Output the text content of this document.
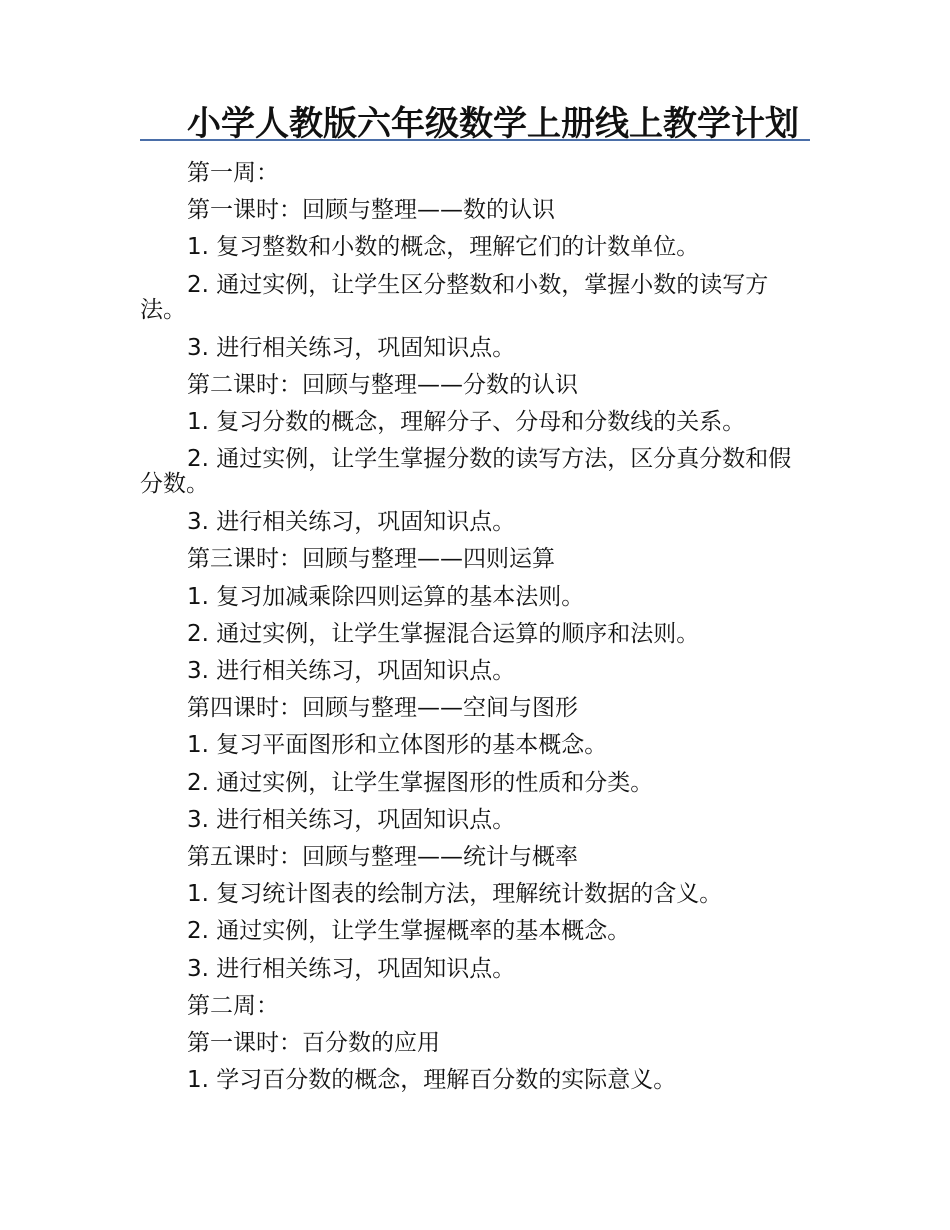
小学人教版六年级数学上册线上教学计划
第一周：
第一课时：回顾与整理——数的认识
1. 复习整数和小数的概念，理解它们的计数单位。
2. 通过实例，让学生区分整数和小数，掌握小数的读写方法。
3. 进行相关练习，巩固知识点。
第二课时：回顾与整理——分数的认识
1. 复习分数的概念，理解分子、分母和分数线的关系。
2. 通过实例，让学生掌握分数的读写方法，区分真分数和假分数。
3. 进行相关练习，巩固知识点。
第三课时：回顾与整理——四则运算
1. 复习加减乘除四则运算的基本法则。
2. 通过实例，让学生掌握混合运算的顺序和法则。
3. 进行相关练习，巩固知识点。
第四课时：回顾与整理——空间与图形
1. 复习平面图形和立体图形的基本概念。
2. 通过实例，让学生掌握图形的性质和分类。
3. 进行相关练习，巩固知识点。
第五课时：回顾与整理——统计与概率
1. 复习统计图表的绘制方法，理解统计数据的含义。
2. 通过实例，让学生掌握概率的基本概念。
3. 进行相关练习，巩固知识点。
第二周：
第一课时：百分数的应用
1. 学习百分数的概念，理解百分数的实际意义。
